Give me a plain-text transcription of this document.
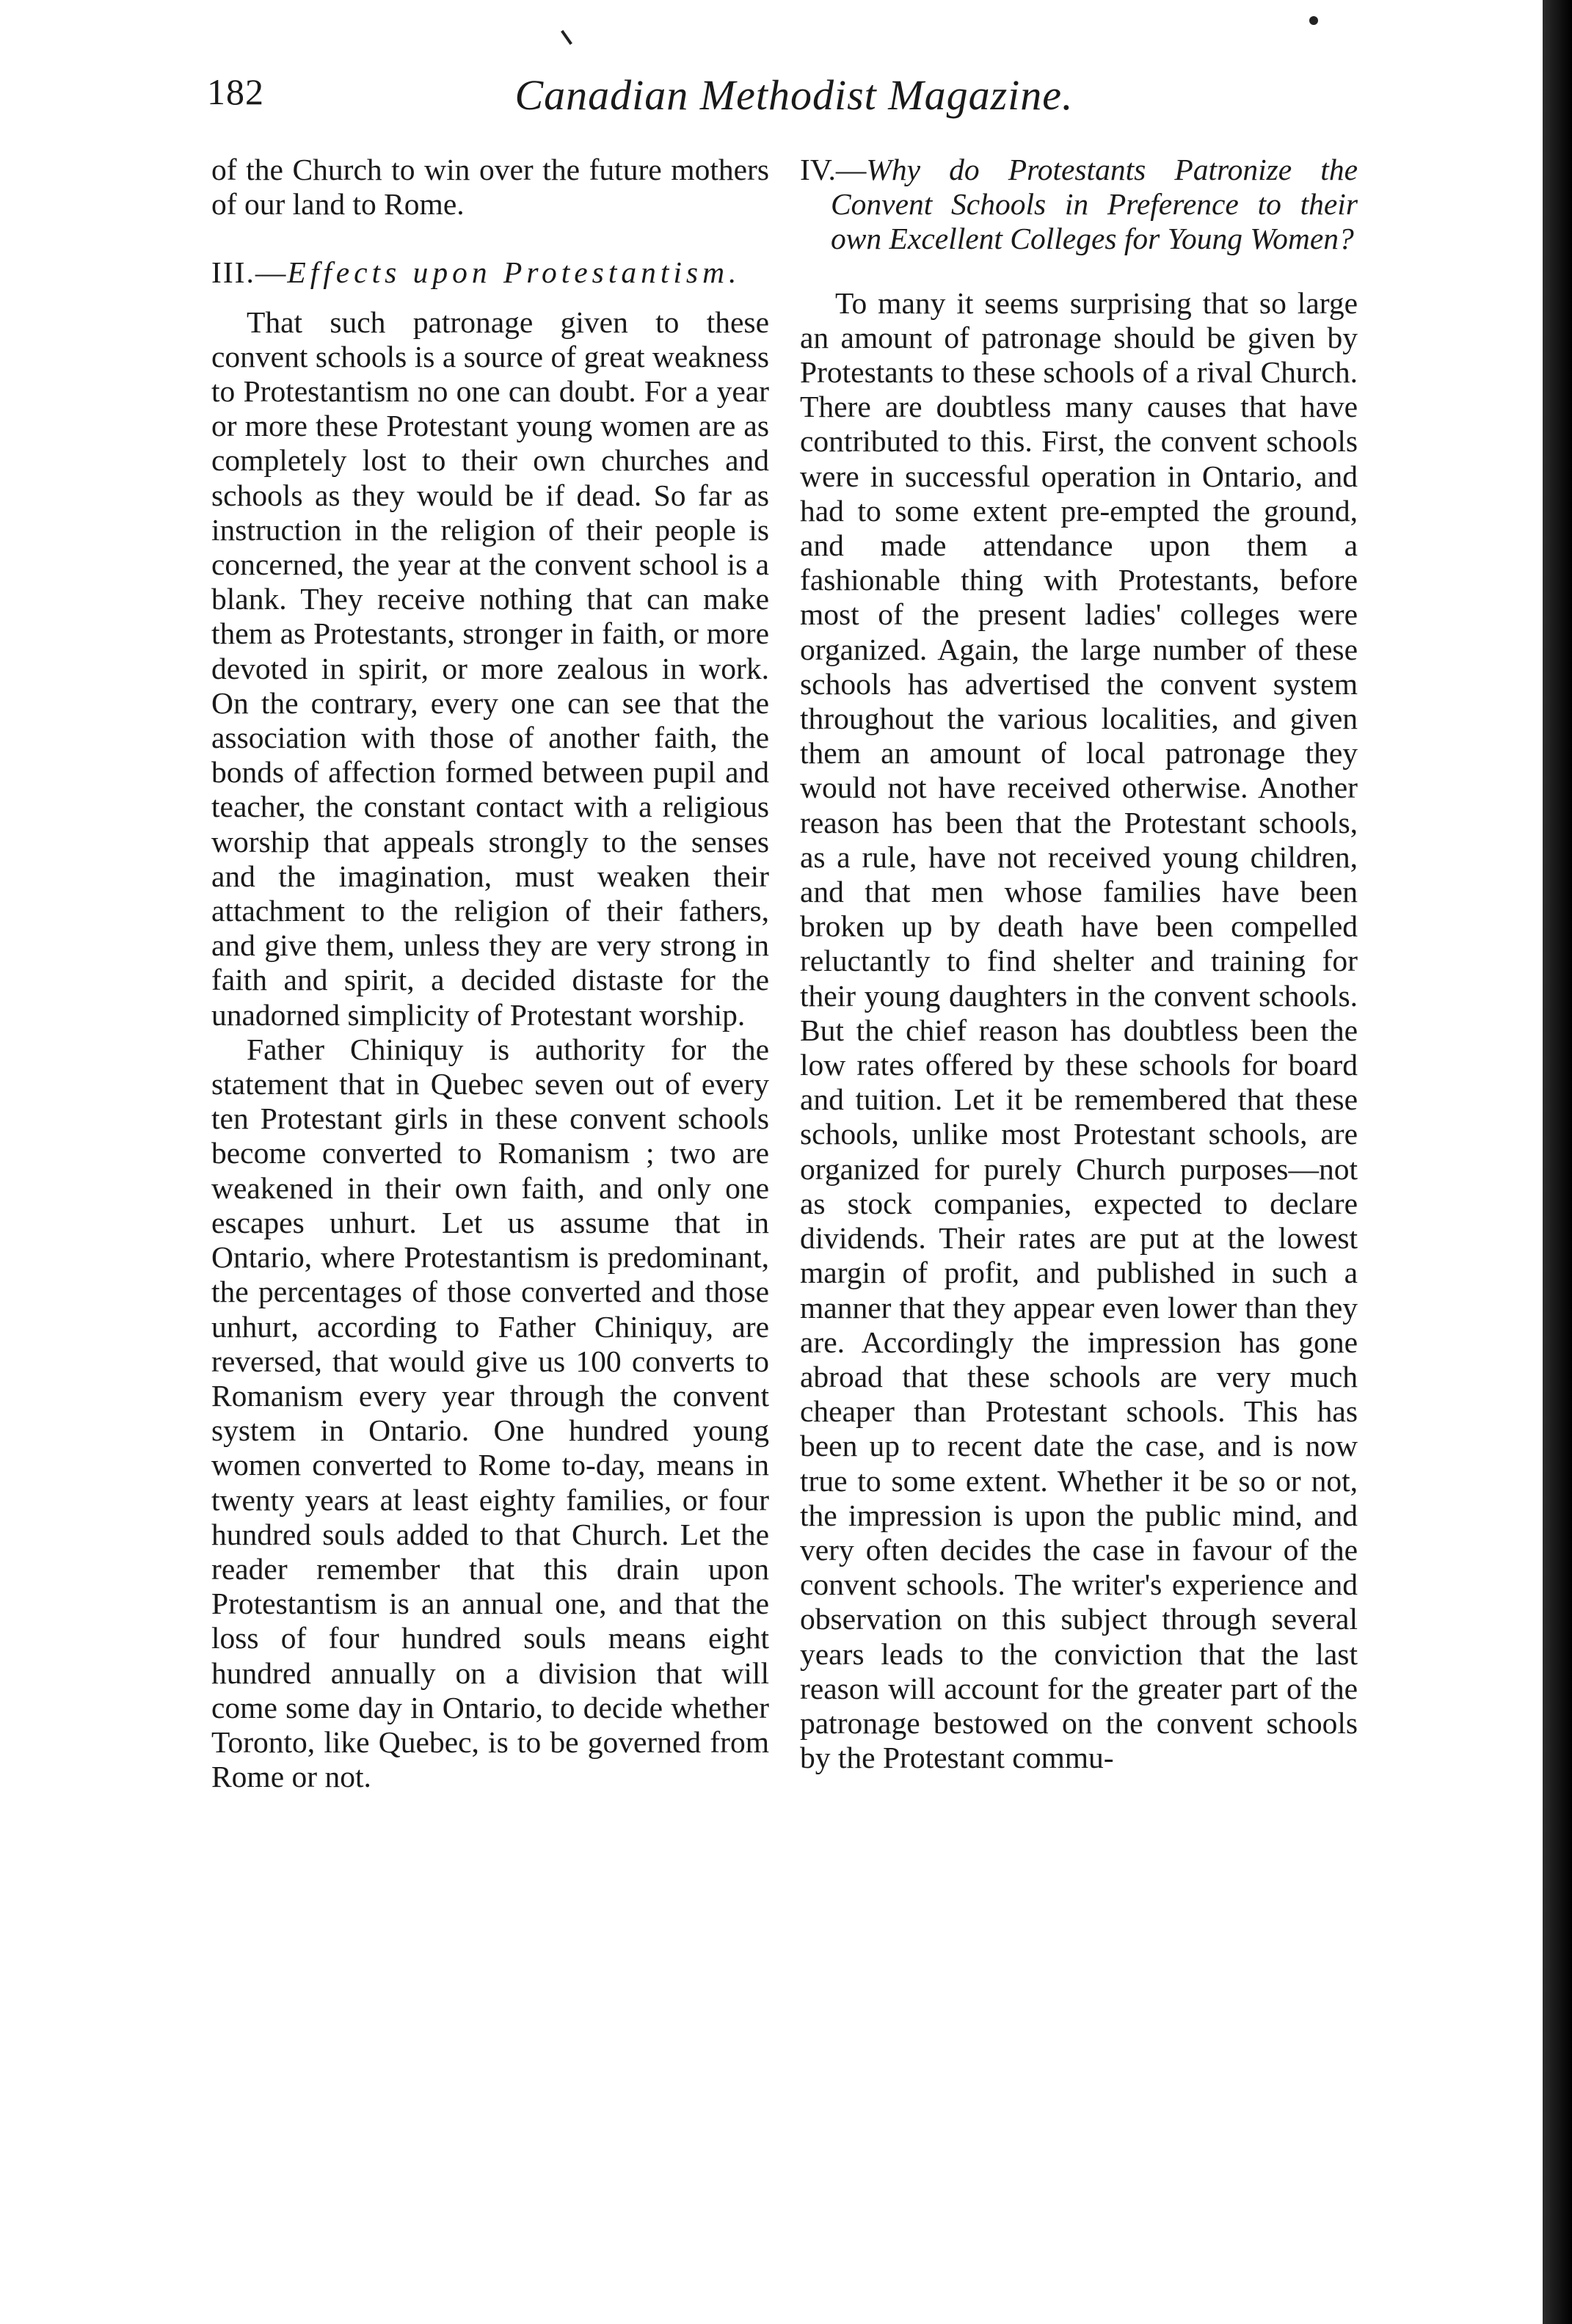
182	Canadian Methodist Magazine.

of the Church to win over the future mothers of our land to Rome.

III.—Effects upon Protestantism.

That such patronage given to these convent schools is a source of great weakness to Protestantism no one can doubt. For a year or more these Protestant young women are as completely lost to their own churches and schools as they would be if dead. So far as instruction in the religion of their people is concerned, the year at the convent school is a blank. They receive nothing that can make them as Protestants, stronger in faith, or more devoted in spirit, or more zealous in work. On the contrary, every one can see that the association with those of another faith, the bonds of affection formed between pupil and teacher, the constant contact with a religious worship that appeals strongly to the senses and the imagination, must weaken their attachment to the religion of their fathers, and give them, unless they are very strong in faith and spirit, a decided distaste for the unadorned simplicity of Protestant worship.

Father Chiniquy is authority for the statement that in Quebec seven out of every ten Protestant girls in these convent schools become converted to Romanism ; two are weakened in their own faith, and only one escapes unhurt. Let us assume that in Ontario, where Protestantism is predominant, the percentages of those converted and those unhurt, according to Father Chiniquy, are reversed, that would give us 100 converts to Romanism every year through the convent system in Ontario. One hundred young women converted to Rome to-day, means in twenty years at least eighty families, or four hundred souls added to that Church. Let the reader remember that this drain upon Protestantism is an annual one, and that the loss of four hundred souls means eight hundred annually on a division that will come some day in Ontario, to decide whether Toronto, like Quebec, is to be governed from Rome or not.

IV.—Why do Protestants Patronize the Convent Schools in Preference to their own Excellent Colleges for Young Women?

To many it seems surprising that so large an amount of patronage should be given by Protestants to these schools of a rival Church. There are doubtless many causes that have contributed to this. First, the convent schools were in successful operation in Ontario, and had to some extent pre-empted the ground, and made attendance upon them a fashionable thing with Protestants, before most of the present ladies' colleges were organized. Again, the large number of these schools has advertised the convent system throughout the various localities, and given them an amount of local patronage they would not have received otherwise. Another reason has been that the Protestant schools, as a rule, have not received young children, and that men whose families have been broken up by death have been compelled reluctantly to find shelter and training for their young daughters in the convent schools. But the chief reason has doubtless been the low rates offered by these schools for board and tuition. Let it be remembered that these schools, unlike most Protestant schools, are organized for purely Church purposes—not as stock companies, expected to declare dividends. Their rates are put at the lowest margin of profit, and published in such a manner that they appear even lower than they are. Accordingly the impression has gone abroad that these schools are very much cheaper than Protestant schools. This has been up to recent date the case, and is now true to some extent. Whether it be so or not, the impression is upon the public mind, and very often decides the case in favour of the convent schools. The writer's experience and observation on this subject through several years leads to the conviction that the last reason will account for the greater part of the patronage bestowed on the convent schools by the Protestant commu-
